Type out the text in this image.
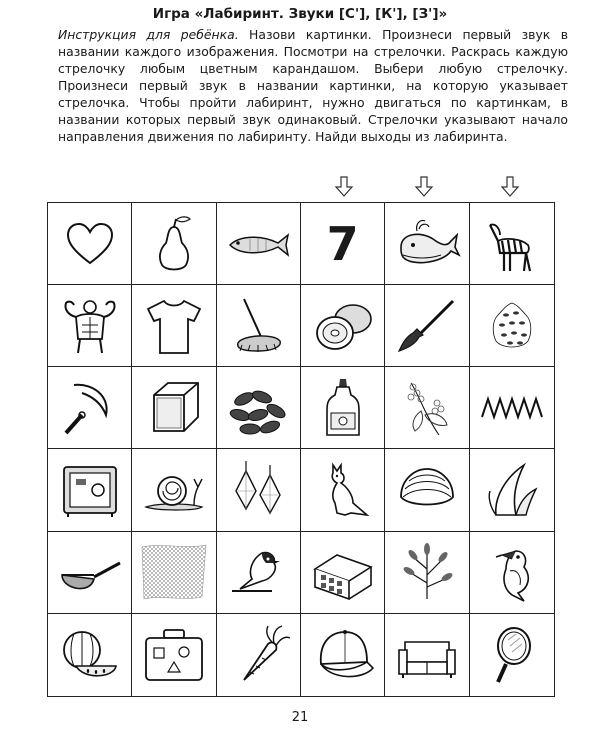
Игра «Лабиринт. Звуки [С'], [К'], [З']»
Инструкция для ребёнка. Назови картинки. Произнеси первый звук в названии каждого изображения. Посмотри на стрелочки. Раскрась каждую стрелочку любым цветным карандашом. Выбери любую стрелочку. Произнеси первый звук в названии картинки, на которую указывает стрелочка. Чтобы пройти лабиринт, нужно двигаться по картинкам, в названии которых первый звук одинаковый. Стрелочки указывают начало направления движения по лабиринту. Найди выходы из лабиринта.
7
21
